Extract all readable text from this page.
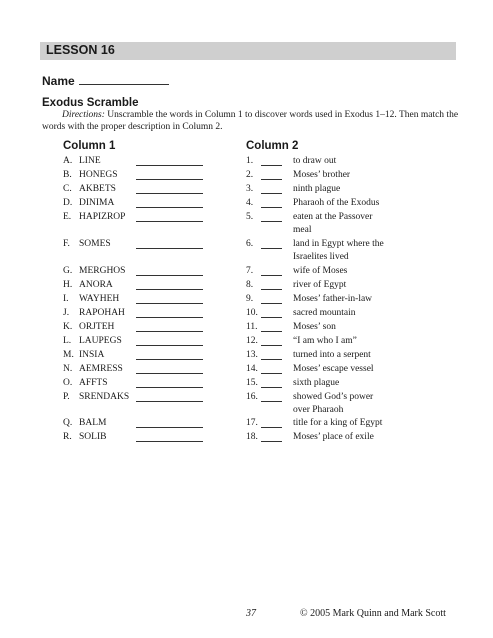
LESSON 16
Name
Exodus Scramble
Directions: Unscramble the words in Column 1 to discover words used in Exodus 1–12. Then match the
words with the proper description in Column 2.
Column 1	Column 2
A. LINE
B. HONEGS
C. AKBETS
D. DINIMA
E. HAPIZROP
F. SOMES
G. MERGHOS
H. ANORA
I. WAYHEH
J. RAPOHAH
K. ORJTEH
L. LAUPEGS
M. INSIA
N. AEMRESS
O. AFFTS
P. SRENDAKS
Q. BALM
R. SOLIB
1.	to draw out
2.	Moses’ brother
3.	ninth plague
4.	Pharaoh of the Exodus
5.	eaten at the Passover
meal
6.	land in Egypt where the
Israelites lived
7.	wife of Moses
8.	river of Egypt
9.	Moses’ father-in-law
10.	sacred mountain
11.	Moses’ son
12.	“I am who I am”
13.	turned into a serpent
14.	Moses’ escape vessel
15.	sixth plague
16.	showed God’s power
over Pharaoh
17.	title for a king of Egypt
18.	Moses’ place of exile
37	© 2005 Mark Quinn and Mark Scott
